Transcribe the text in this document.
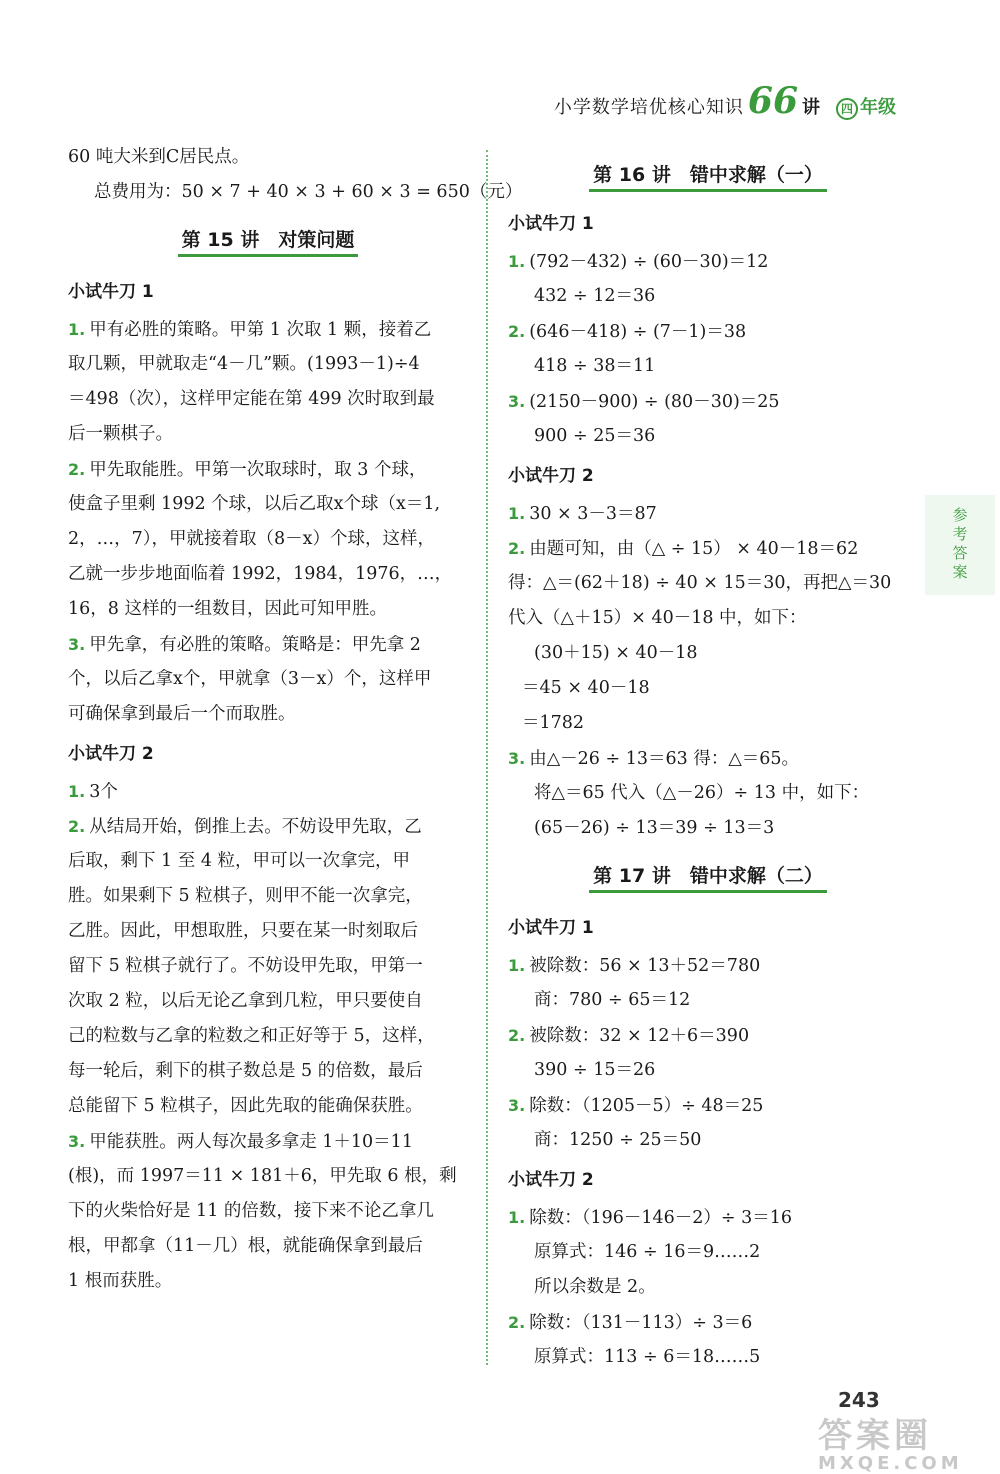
小学数学培优核心知识 66 讲	四 年级
60 吨大米到C居民点。
总费用为：50 × 7 + 40 × 3 + 60 × 3 = 650（元）
第 15 讲　对策问题
小试牛刀 1
1. 甲有必胜的策略。甲第 1 次取 1 颗，接着乙
取几颗，甲就取走“4－几”颗。(1993－1)÷4
＝498（次），这样甲定能在第 499 次时取到最
后一颗棋子。
2. 甲先取能胜。甲第一次取球时，取 3 个球，
使盒子里剩 1992 个球，以后乙取x个球（x＝1,
2，…，7），甲就接着取（8－x）个球，这样，
乙就一步步地面临着 1992，1984，1976，…，
16，8 这样的一组数目，因此可知甲胜。
3. 甲先拿，有必胜的策略。策略是：甲先拿 2
个，以后乙拿x个，甲就拿（3－x）个，这样甲
可确保拿到最后一个而取胜。
小试牛刀 2
1. 3个
2. 从结局开始，倒推上去。不妨设甲先取，乙
后取，剩下 1 至 4 粒，甲可以一次拿完，甲
胜。如果剩下 5 粒棋子，则甲不能一次拿完，
乙胜。因此，甲想取胜，只要在某一时刻取后
留下 5 粒棋子就行了。不妨设甲先取，甲第一
次取 2 粒，以后无论乙拿到几粒，甲只要使自
己的粒数与乙拿的粒数之和正好等于 5，这样，
每一轮后，剩下的棋子数总是 5 的倍数，最后
总能留下 5 粒棋子，因此先取的能确保获胜。
3. 甲能获胜。两人每次最多拿走 1＋10＝11
(根)，而 1997＝11 × 181＋6，甲先取 6 根，剩
下的火柴恰好是 11 的倍数，接下来不论乙拿几
根，甲都拿（11－几）根，就能确保拿到最后
1 根而获胜。
第 16 讲　错中求解（一）
小试牛刀 1
1. (792－432) ÷ (60－30)＝12
432 ÷ 12＝36
2. (646－418) ÷ (7－1)＝38
418 ÷ 38＝11
3. (2150－900) ÷ (80－30)＝25
900 ÷ 25＝36
小试牛刀 2
1. 30 × 3－3＝87
2. 由题可知，由（△ ÷ 15） × 40－18＝62
得：△＝(62＋18) ÷ 40 × 15＝30，再把△＝30
代入（△＋15）× 40－18 中，如下：
(30＋15) × 40－18
＝45 × 40－18
＝1782
3. 由△－26 ÷ 13＝63 得：△＝65。
将△＝65 代入（△－26）÷ 13 中，如下：
(65－26) ÷ 13＝39 ÷ 13＝3
第 17 讲　错中求解（二）
小试牛刀 1
1. 被除数：56 × 13＋52＝780
商：780 ÷ 65＝12
2. 被除数：32 × 12＋6＝390
390 ÷ 15＝26
3. 除数：（1205－5）÷ 48＝25
商：1250 ÷ 25＝50
小试牛刀 2
1. 除数：（196－146－2）÷ 3＝16
原算式：146 ÷ 16＝9……2
所以余数是 2。
2. 除数：（131－113）÷ 3＝6
原算式：113 ÷ 6＝18……5
参考答案
243
答案圈
MXQE.COM
